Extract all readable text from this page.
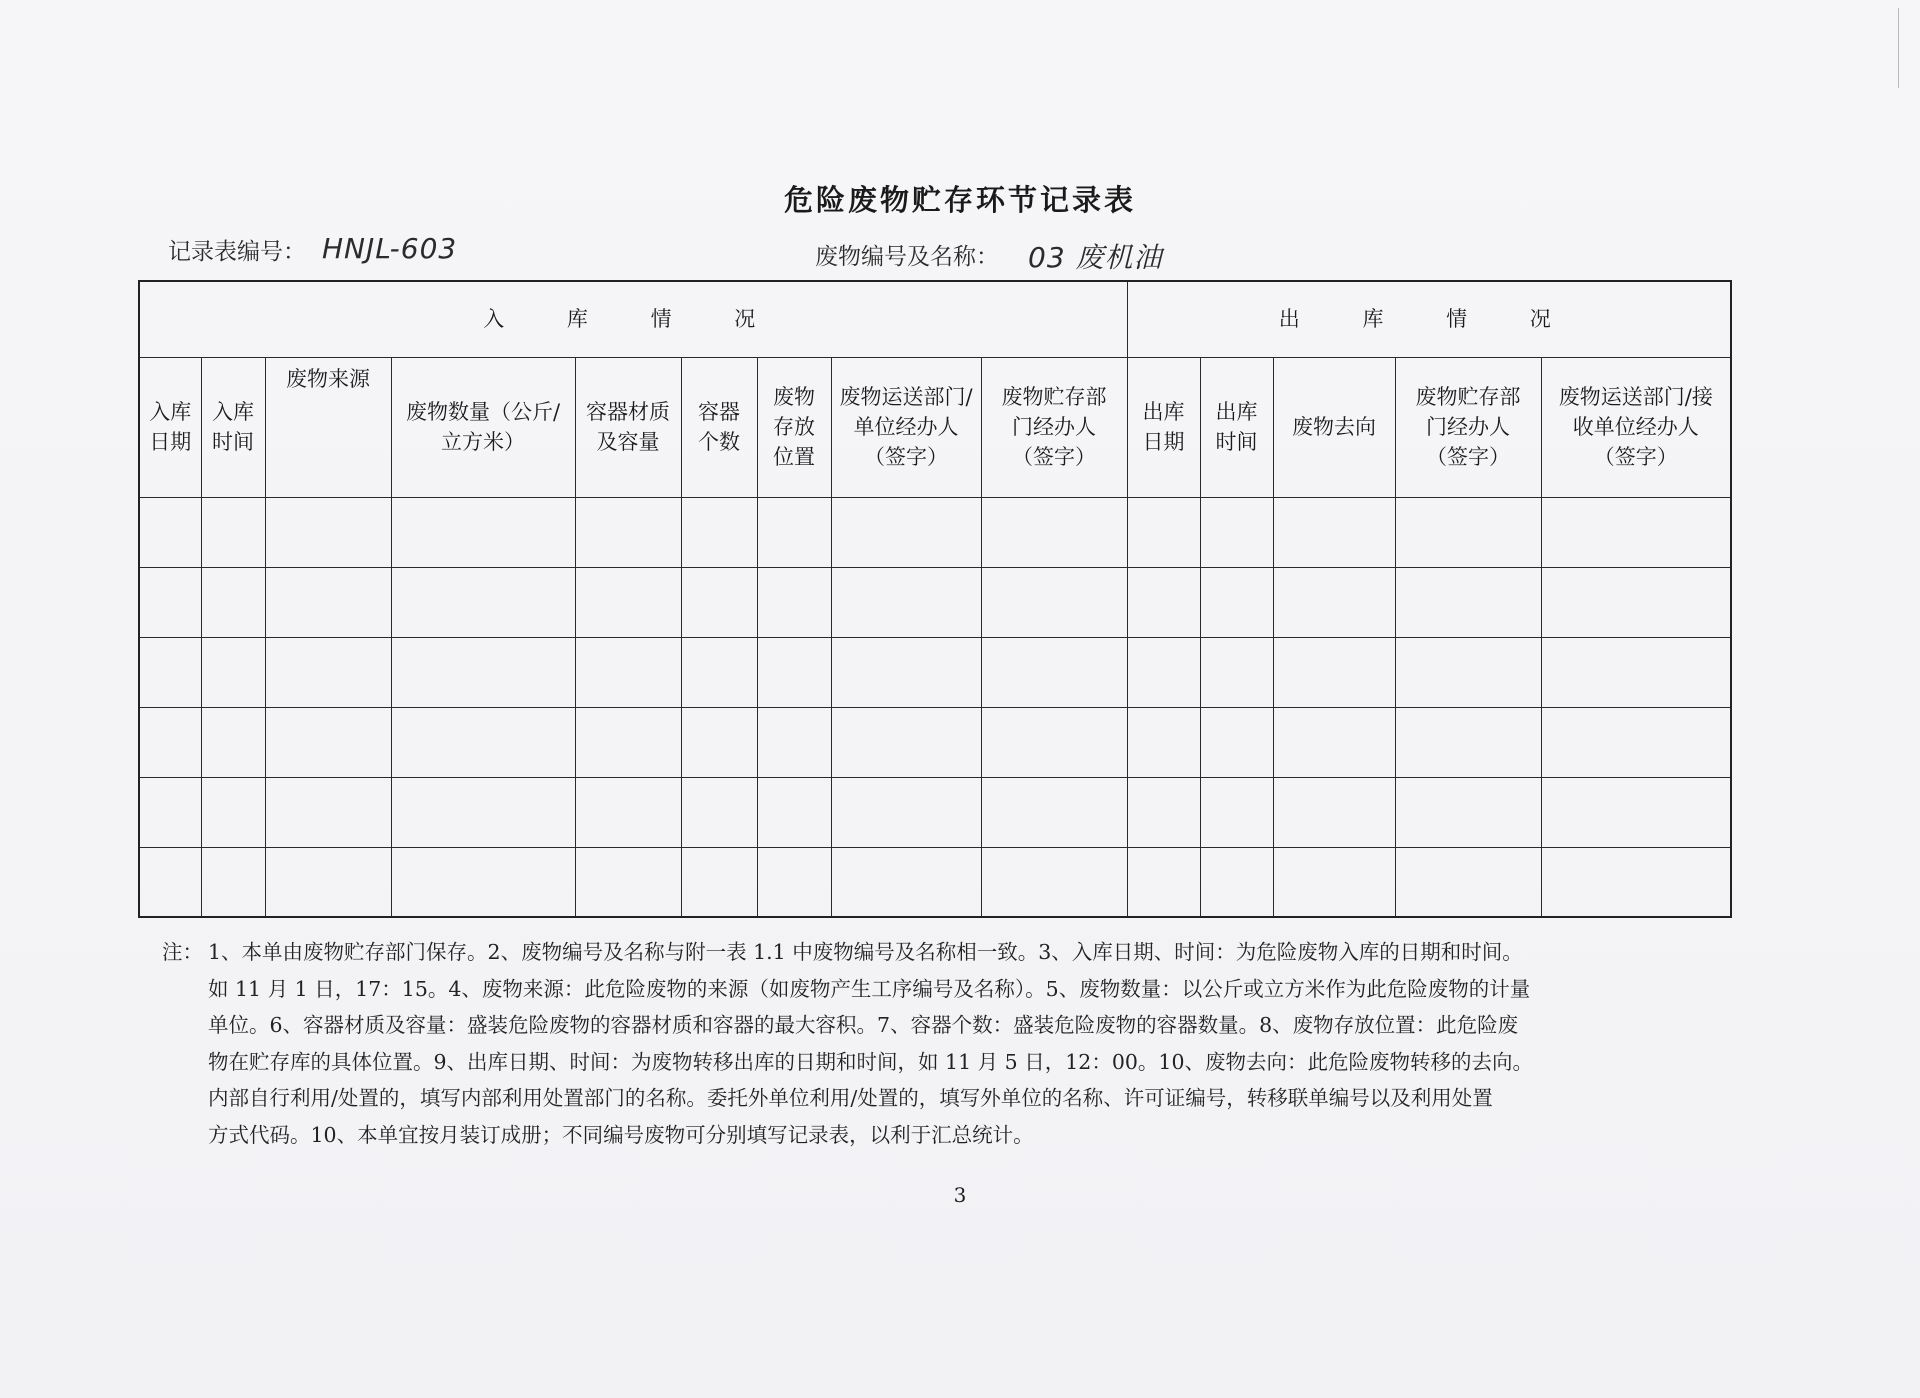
危险废物贮存环节记录表
记录表编号： HNJL-603	废物编号及名称： 03 废机油
入 库 情 况									出 库 情 况				
入库日期	入库时间	废物来源	废物数量（公斤/立方米）	容器材质及容量	容器个数	废物存放位置	废物运送部门/单位经办人（签字）	废物贮存部门经办人（签字）	出库日期	出库时间	废物去向	废物贮存部门经办人（签字）	废物运送部门/接收单位经办人（签字）

注： 1、本单由废物贮存部门保存。2、废物编号及名称与附一表 1.1 中废物编号及名称相一致。3、入库日期、时间：为危险废物入库的日期和时间。
如 11 月 1 日，17：15。4、废物来源：此危险废物的来源（如废物产生工序编号及名称）。5、废物数量：以公斤或立方米作为此危险废物的计量
单位。6、容器材质及容量：盛装危险废物的容器材质和容器的最大容积。7、容器个数：盛装危险废物的容器数量。8、废物存放位置：此危险废
物在贮存库的具体位置。9、出库日期、时间：为废物转移出库的日期和时间，如 11 月 5 日，12：00。10、废物去向：此危险废物转移的去向。
内部自行利用/处置的，填写内部利用处置部门的名称。委托外单位利用/处置的，填写外单位的名称、许可证编号，转移联单编号以及利用处置
方式代码。10、本单宜按月装订成册；不同编号废物可分别填写记录表，以利于汇总统计。
3
